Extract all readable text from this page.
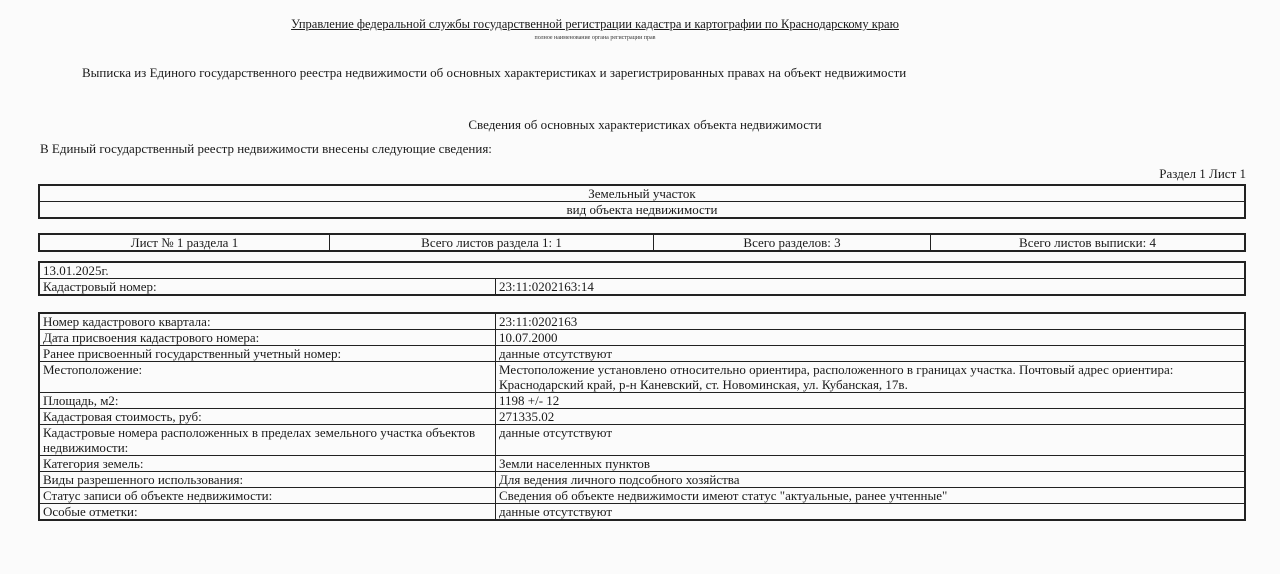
Управление федеральной службы государственной регистрации кадастра и картографии по Краснодарскому краю
полное наименование органа регистрации прав
Выписка из Единого государственного реестра недвижимости об основных характеристиках и зарегистрированных правах на объект недвижимости
Сведения об основных характеристиках объекта недвижимости
В Единый государственный реестр недвижимости внесены следующие сведения:
Раздел 1 Лист 1
Земельный участок
вид объекта недвижимости
Лист № 1 раздела 1	Всего листов раздела 1: 1	Всего разделов: 3	Всего листов выписки: 4
13.01.2025г.
Кадастровый номер:	23:11:0202163:14
Номер кадастрового квартала:	23:11:0202163
Дата присвоения кадастрового номера:	10.07.2000
Ранее присвоенный государственный учетный номер:	данные отсутствуют
Местоположение:	Местоположение установлено относительно ориентира, расположенного в границах участка. Почтовый адрес ориентира: Краснодарский край, р-н Каневский, ст. Новоминская, ул. Кубанская, 17в.
Площадь, м2:	1198 +/- 12
Кадастровая стоимость, руб:	271335.02
Кадастровые номера расположенных в пределах земельного участка объектов недвижимости:	данные отсутствуют
Категория земель:	Земли населенных пунктов
Виды разрешенного использования:	Для ведения личного подсобного хозяйства
Статус записи об объекте недвижимости:	Сведения об объекте недвижимости имеют статус "актуальные, ранее учтенные"
Особые отметки:	данные отсутствуют
